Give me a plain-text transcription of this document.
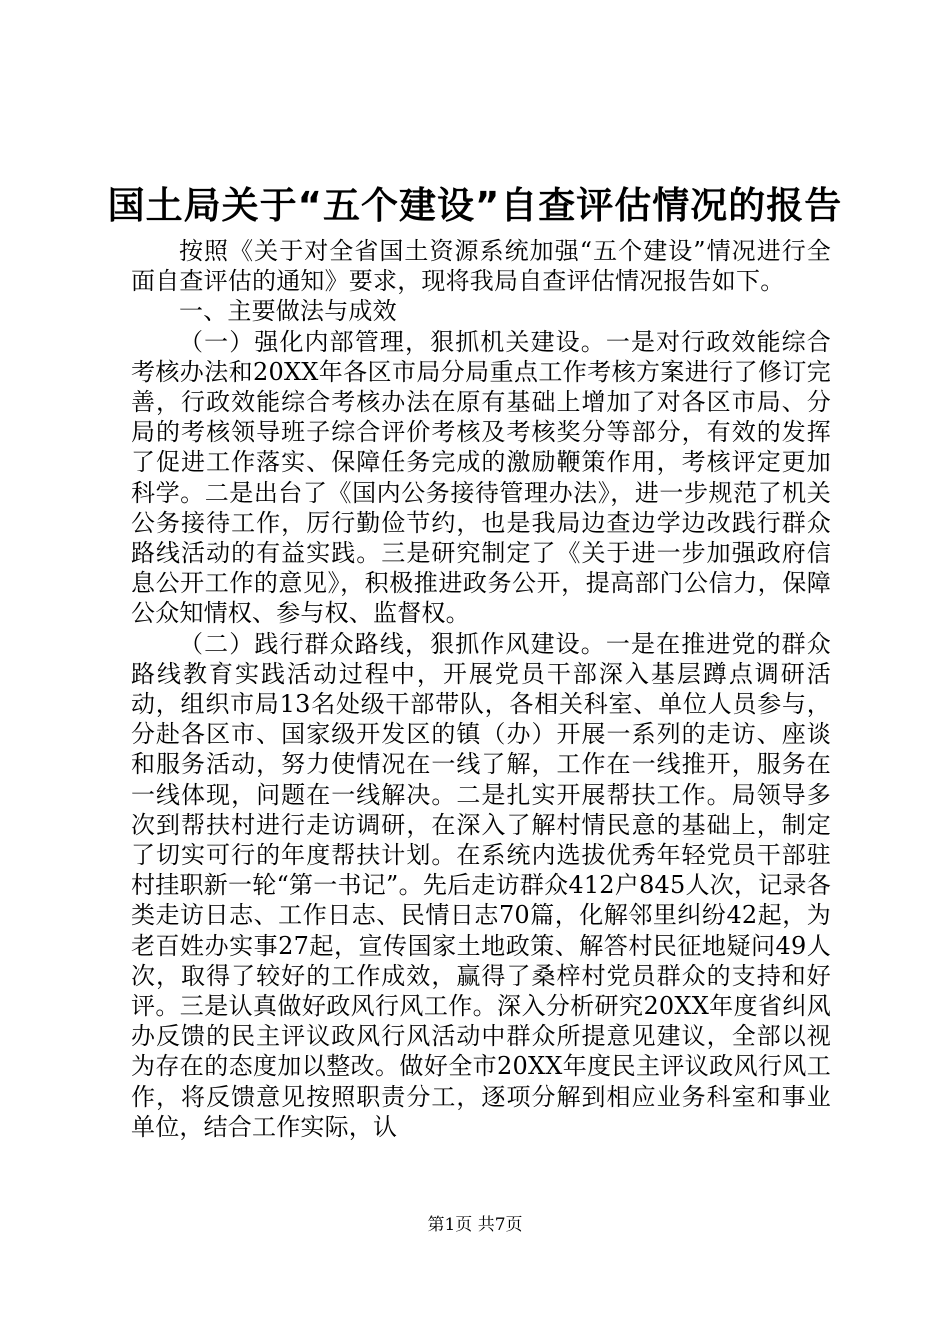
国土局关于“五个建设”自查评估情况的报告

按照《关于对全省国土资源系统加强“五个建设”情况进行全面自查评估的通知》要求，现将我局自查评估情况报告如下。

一、主要做法与成效

（一）强化内部管理，狠抓机关建设。一是对行政效能综合考核办法和20XX年各区市局分局重点工作考核方案进行了修订完善，行政效能综合考核办法在原有基础上增加了对各区市局、分局的考核领导班子综合评价考核及考核奖分等部分，有效的发挥了促进工作落实、保障任务完成的激励鞭策作用，考核评定更加科学。二是出台了《国内公务接待管理办法》，进一步规范了机关公务接待工作，厉行勤俭节约，也是我局边查边学边改践行群众路线活动的有益实践。三是研究制定了《关于进一步加强政府信息公开工作的意见》，积极推进政务公开，提高部门公信力，保障公众知情权、参与权、监督权。

（二）践行群众路线，狠抓作风建设。一是在推进党的群众路线教育实践活动过程中，开展党员干部深入基层蹲点调研活动，组织市局13名处级干部带队，各相关科室、单位人员参与，分赴各区市、国家级开发区的镇（办）开展一系列的走访、座谈和服务活动，努力使情况在一线了解，工作在一线推开，服务在一线体现，问题在一线解决。二是扎实开展帮扶工作。局领导多次到帮扶村进行走访调研，在深入了解村情民意的基础上，制定了切实可行的年度帮扶计划。在系统内选拔优秀年轻党员干部驻村挂职新一轮“第一书记”。先后走访群众412户845人次，记录各类走访日志、工作日志、民情日志70篇，化解邻里纠纷42起，为老百姓办实事27起，宣传国家土地政策、解答村民征地疑问49人次，取得了较好的工作成效，赢得了桑梓村党员群众的支持和好评。三是认真做好政风行风工作。深入分析研究20XX年度省纠风办反馈的民主评议政风行风活动中群众所提意见建议，全部以视为存在的态度加以整改。做好全市20XX年度民主评议政风行风工作，将反馈意见按照职责分工，逐项分解到相应业务科室和事业单位，结合工作实际，认

第1页 共7页
